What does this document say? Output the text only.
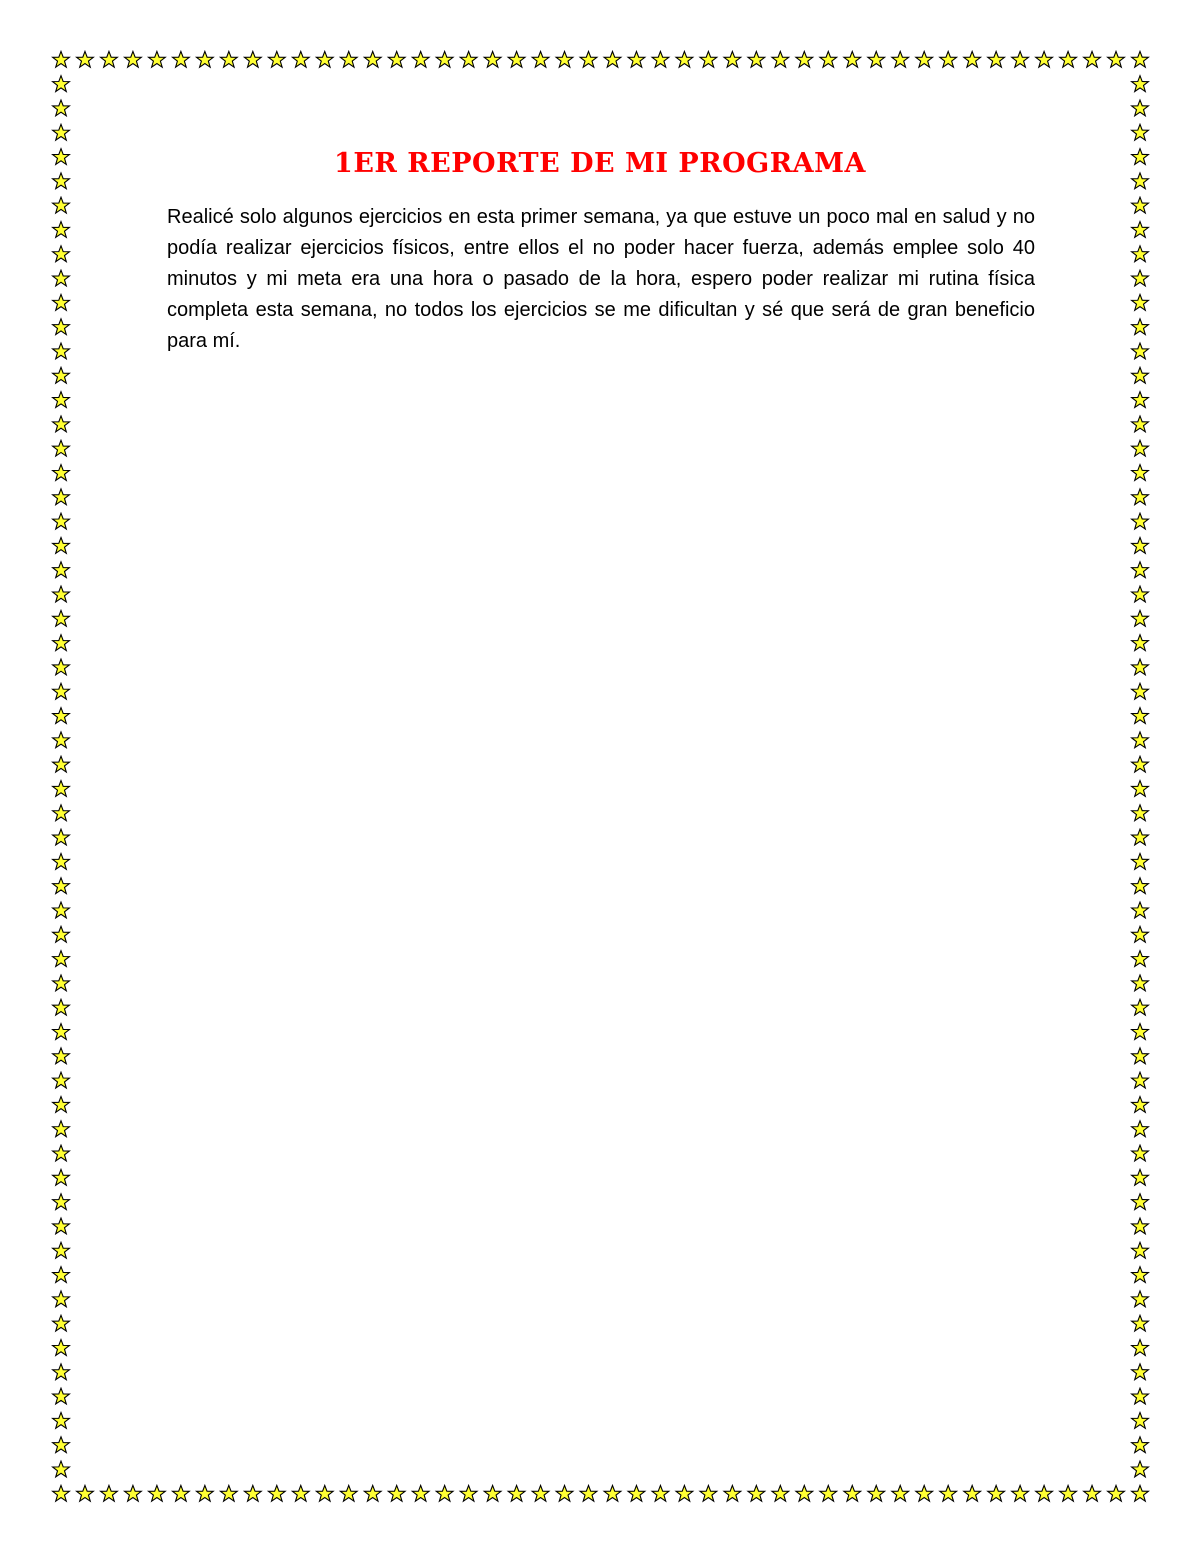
1ER REPORTE DE MI PROGRAMA

Realicé solo algunos ejercicios en esta primer semana, ya que estuve un poco mal en salud y no podía realizar ejercicios físicos, entre ellos el no poder hacer fuerza, además emplee solo 40 minutos y mi meta era una hora o pasado de la hora, espero poder realizar mi rutina física completa esta semana, no todos los ejercicios se me dificultan y sé que será de gran beneficio para mí.
